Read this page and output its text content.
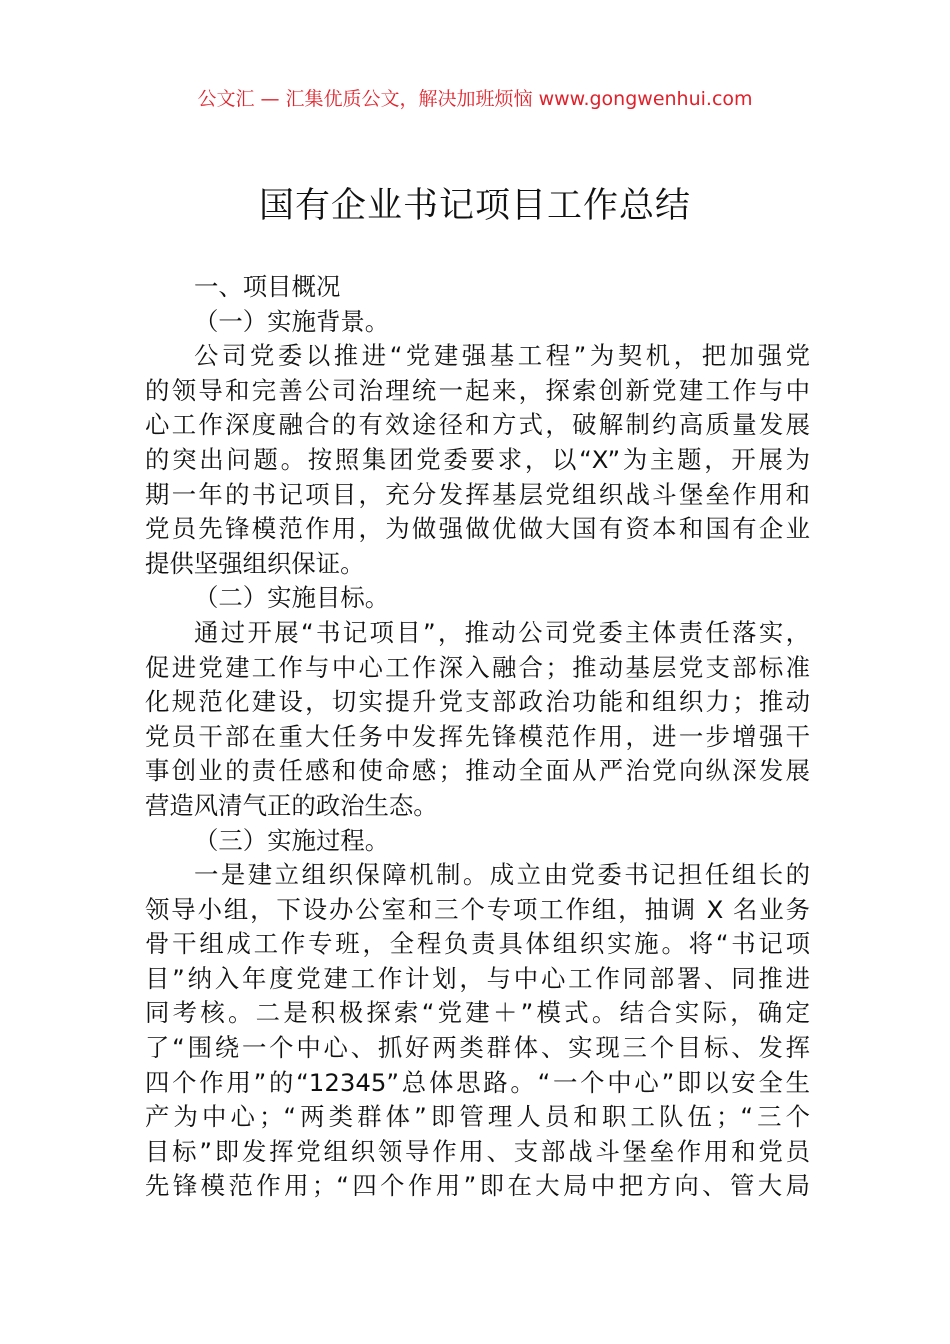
公文汇 — 汇集优质公文，解决加班烦恼 www.gongwenhui.com
国有企业书记项目工作总结
一、项目概况
（一）实施背景。
公司党委以推进“党建强基工程”为契机，把加强党
的领导和完善公司治理统一起来，探索创新党建工作与中
心工作深度融合的有效途径和方式，破解制约高质量发展
的突出问题。按照集团党委要求，以“X”为主题，开展为
期一年的书记项目，充分发挥基层党组织战斗堡垒作用和
党员先锋模范作用，为做强做优做大国有资本和国有企业
提供坚强组织保证。
（二）实施目标。
通过开展“书记项目”，推动公司党委主体责任落实，
促进党建工作与中心工作深入融合；推动基层党支部标准
化规范化建设，切实提升党支部政治功能和组织力；推动
党员干部在重大任务中发挥先锋模范作用，进一步增强干
事创业的责任感和使命感；推动全面从严治党向纵深发展
营造风清气正的政治生态。
（三）实施过程。
一是建立组织保障机制。成立由党委书记担任组长的
领导小组，下设办公室和三个专项工作组，抽调 X 名业务
骨干组成工作专班，全程负责具体组织实施。将“书记项
目”纳入年度党建工作计划，与中心工作同部署、同推进
同考核。二是积极探索“党建＋”模式。结合实际，确定
了“围绕一个中心、抓好两类群体、实现三个目标、发挥
四个作用”的“12345”总体思路。“一个中心”即以安全生
产为中心；“两类群体”即管理人员和职工队伍；“三个
目标”即发挥党组织领导作用、支部战斗堡垒作用和党员
先锋模范作用；“四个作用”即在大局中把方向、管大局
